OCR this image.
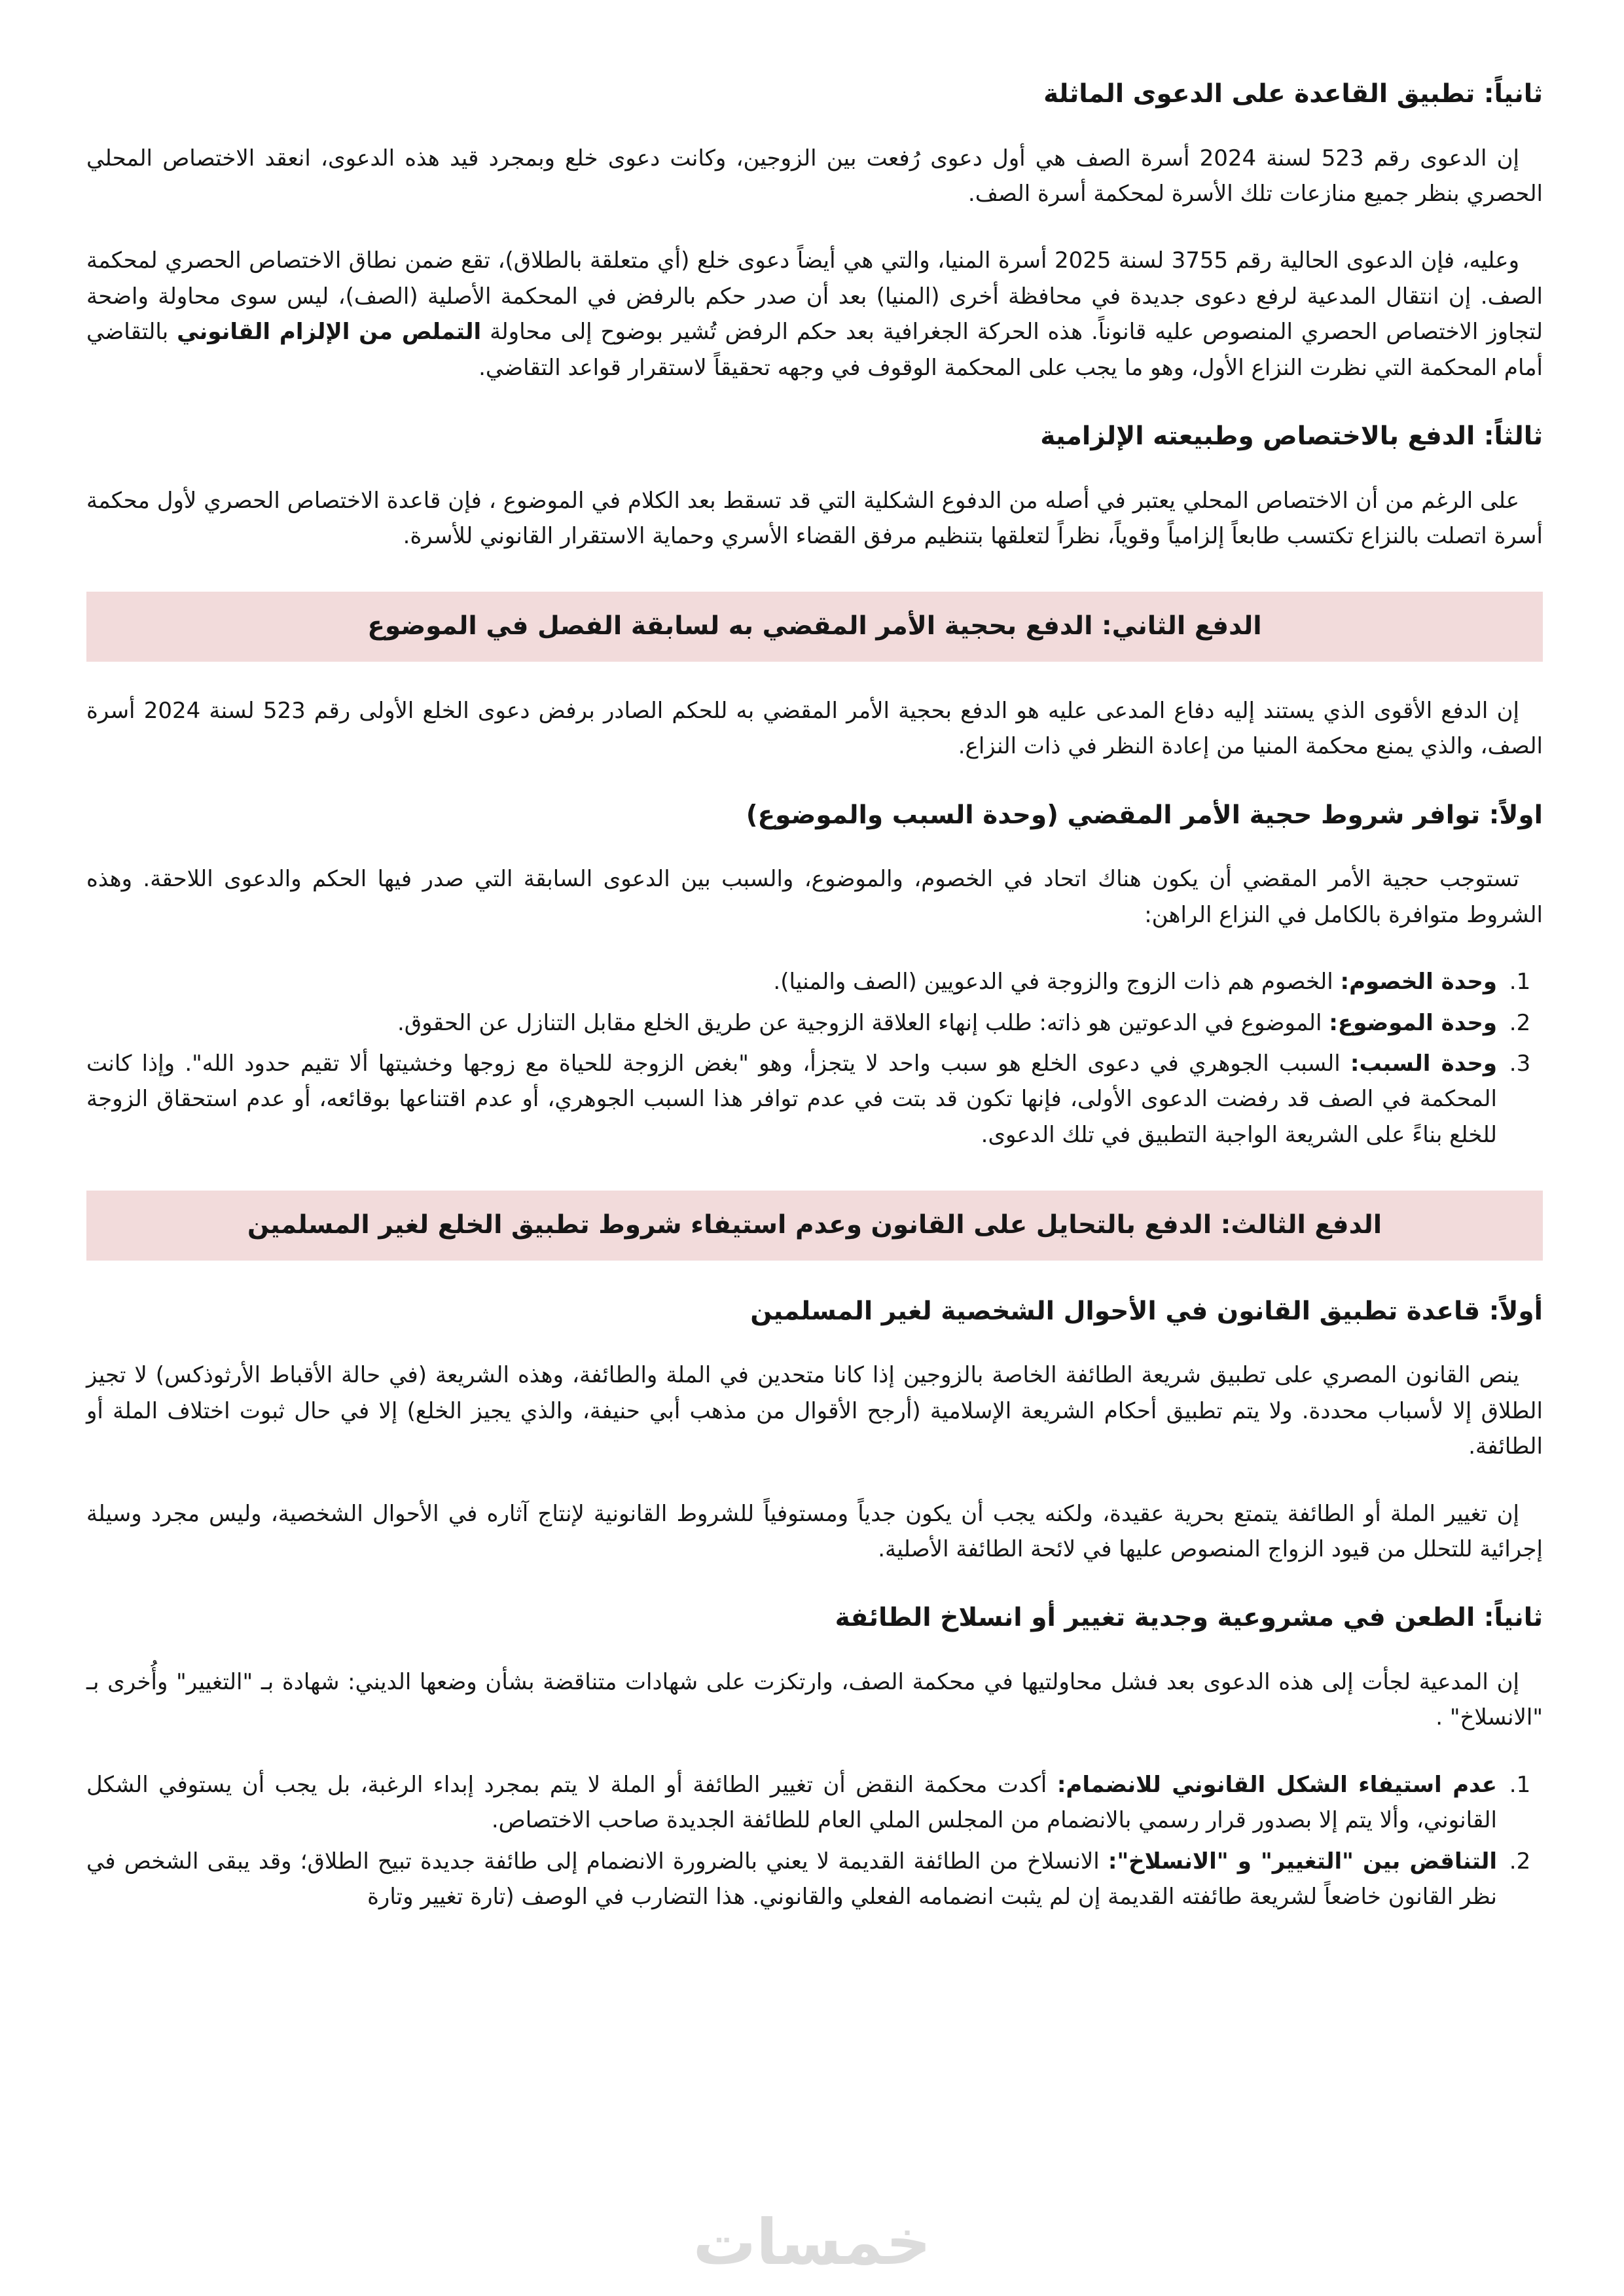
ثانياً: تطبيق القاعدة على الدعوى الماثلة

إن الدعوى رقم 523 لسنة 2024 أسرة الصف هي أول دعوى رُفعت بين الزوجين، وكانت دعوى خلع وبمجرد قيد هذه الدعوى، انعقد الاختصاص المحلي الحصري بنظر جميع منازعات تلك الأسرة لمحكمة أسرة الصف.

وعليه، فإن الدعوى الحالية رقم 3755 لسنة 2025 أسرة المنيا، والتي هي أيضاً دعوى خلع (أي متعلقة بالطلاق)، تقع ضمن نطاق الاختصاص الحصري لمحكمة الصف. إن انتقال المدعية لرفع دعوى جديدة في محافظة أخرى (المنيا) بعد أن صدر حكم بالرفض في المحكمة الأصلية (الصف)، ليس سوى محاولة واضحة لتجاوز الاختصاص الحصري المنصوص عليه قانوناً. هذه الحركة الجغرافية بعد حكم الرفض تُشير بوضوح إلى محاولة التملص من الإلزام القانوني بالتقاضي أمام المحكمة التي نظرت النزاع الأول، وهو ما يجب على المحكمة الوقوف في وجهه تحقيقاً لاستقرار قواعد التقاضي.

ثالثاً: الدفع بالاختصاص وطبيعته الإلزامية

على الرغم من أن الاختصاص المحلي يعتبر في أصله من الدفوع الشكلية التي قد تسقط بعد الكلام في الموضوع ، فإن قاعدة الاختصاص الحصري لأول محكمة أسرة اتصلت بالنزاع تكتسب طابعاً إلزامياً وقوياً، نظراً لتعلقها بتنظيم مرفق القضاء الأسري وحماية الاستقرار القانوني للأسرة.

الدفع الثاني: الدفع بحجية الأمر المقضي به لسابقة الفصل في الموضوع

إن الدفع الأقوى الذي يستند إليه دفاع المدعى عليه هو الدفع بحجية الأمر المقضي به للحكم الصادر برفض دعوى الخلع الأولى رقم 523 لسنة 2024 أسرة الصف، والذي يمنع محكمة المنيا من إعادة النظر في ذات النزاع.

اولاً: توافر شروط حجية الأمر المقضي (وحدة السبب والموضوع)

تستوجب حجية الأمر المقضي أن يكون هناك اتحاد في الخصوم، والموضوع، والسبب بين الدعوى السابقة التي صدر فيها الحكم والدعوى اللاحقة. وهذه الشروط متوافرة بالكامل في النزاع الراهن:

1. وحدة الخصوم: الخصوم هم ذات الزوج والزوجة في الدعويين (الصف والمنيا).
2. وحدة الموضوع: الموضوع في الدعوتين هو ذاته: طلب إنهاء العلاقة الزوجية عن طريق الخلع مقابل التنازل عن الحقوق.
3. وحدة السبب: السبب الجوهري في دعوى الخلع هو سبب واحد لا يتجزأ، وهو "بغض الزوجة للحياة مع زوجها وخشيتها ألا تقيم حدود الله". وإذا كانت المحكمة في الصف قد رفضت الدعوى الأولى، فإنها تكون قد بتت في عدم توافر هذا السبب الجوهري، أو عدم اقتناعها بوقائعه، أو عدم استحقاق الزوجة للخلع بناءً على الشريعة الواجبة التطبيق في تلك الدعوى.
الدفع الثالث: الدفع بالتحايل على القانون وعدم استيفاء شروط تطبيق الخلع لغير المسلمين
أولاً: قاعدة تطبيق القانون في الأحوال الشخصية لغير المسلمين

ينص القانون المصري على تطبيق شريعة الطائفة الخاصة بالزوجين إذا كانا متحدين في الملة والطائفة، وهذه الشريعة (في حالة الأقباط الأرثوذكس) لا تجيز الطلاق إلا لأسباب محددة. ولا يتم تطبيق أحكام الشريعة الإسلامية (أرجح الأقوال من مذهب أبي حنيفة، والذي يجيز الخلع) إلا في حال ثبوت اختلاف الملة أو الطائفة.

إن تغيير الملة أو الطائفة يتمتع بحرية عقيدة، ولكنه يجب أن يكون جدياً ومستوفياً للشروط القانونية لإنتاج آثاره في الأحوال الشخصية، وليس مجرد وسيلة إجرائية للتحلل من قيود الزواج المنصوص عليها في لائحة الطائفة الأصلية.

ثانياً: الطعن في مشروعية وجدية تغيير أو انسلاخ الطائفة

إن المدعية لجأت إلى هذه الدعوى بعد فشل محاولتيها في محكمة الصف، وارتكزت على شهادات متناقضة بشأن وضعها الديني: شهادة بـ "التغيير" وأُخرى بـ "الانسلاخ" .

1. عدم استيفاء الشكل القانوني للانضمام: أكدت محكمة النقض أن تغيير الطائفة أو الملة لا يتم بمجرد إبداء الرغبة، بل يجب أن يستوفي الشكل القانوني، وألا يتم إلا بصدور قرار رسمي بالانضمام من المجلس الملي العام للطائفة الجديدة صاحب الاختصاص.
2. التناقض بين "التغيير" و "الانسلاخ": الانسلاخ من الطائفة القديمة لا يعني بالضرورة الانضمام إلى طائفة جديدة تبيح الطلاق؛ وقد يبقى الشخص في نظر القانون خاضعاً لشريعة طائفته القديمة إن لم يثبت انضمامه الفعلي والقانوني. هذا التضارب في الوصف (تارة تغيير وتارة
خمسات
